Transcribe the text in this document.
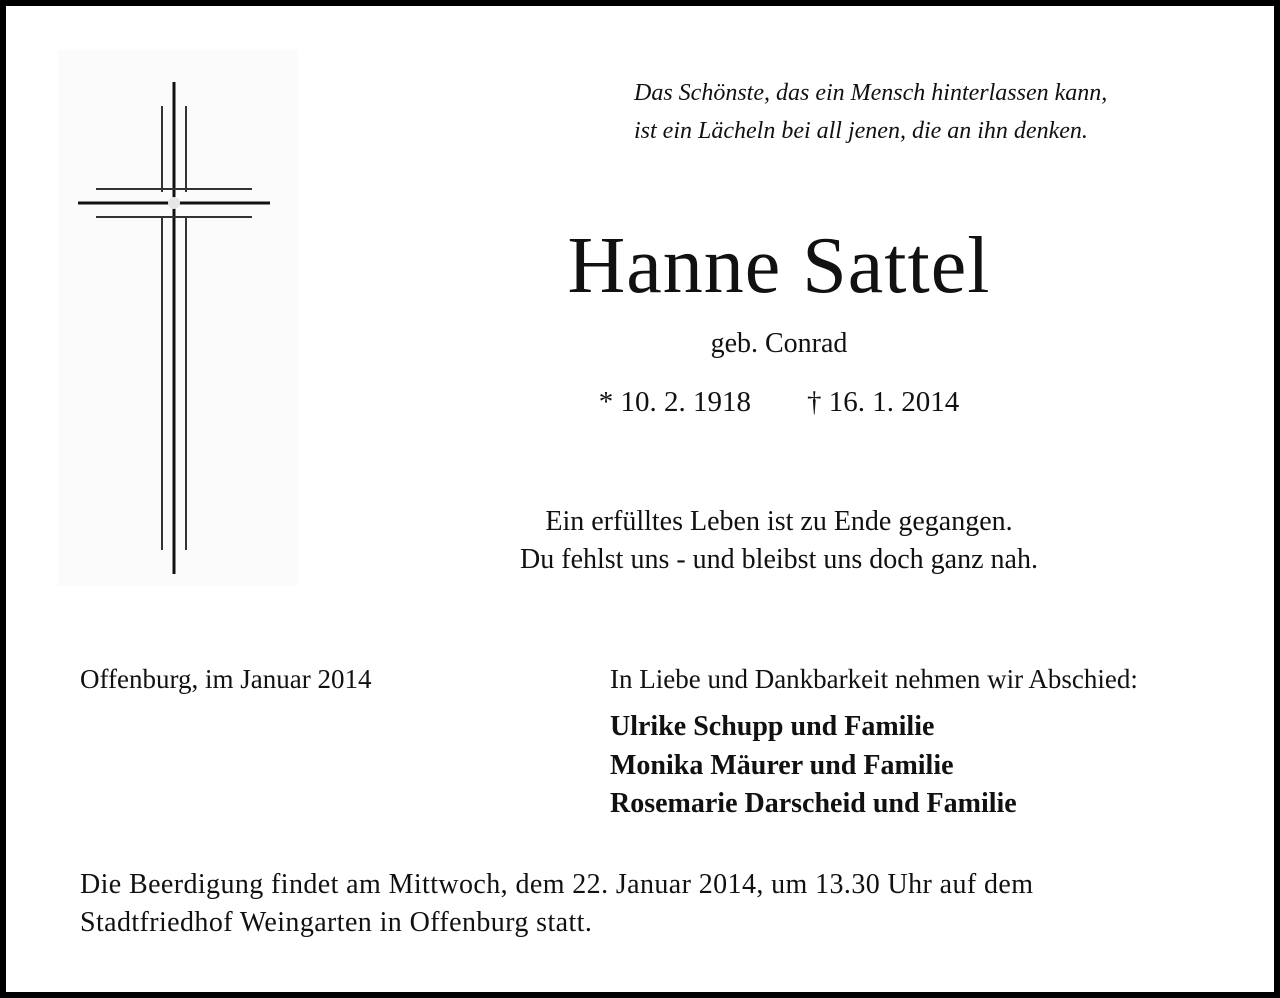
Das Schönste, das ein Mensch hinterlassen kann,
ist ein Lächeln bei all jenen, die an ihn denken.
Hanne Sattel
geb. Conrad
* 10. 2. 1918 † 16. 1. 2014
Ein erfülltes Leben ist zu Ende gegangen.
Du fehlst uns - und bleibst uns doch ganz nah.
Offenburg, im Januar 2014	In Liebe und Dankbarkeit nehmen wir Abschied:
Ulrike Schupp und Familie
Monika Mäurer und Familie
Rosemarie Darscheid und Familie
Die Beerdigung findet am Mittwoch, dem 22. Januar 2014, um 13.30 Uhr auf dem
Stadtfriedhof Weingarten in Offenburg statt.
